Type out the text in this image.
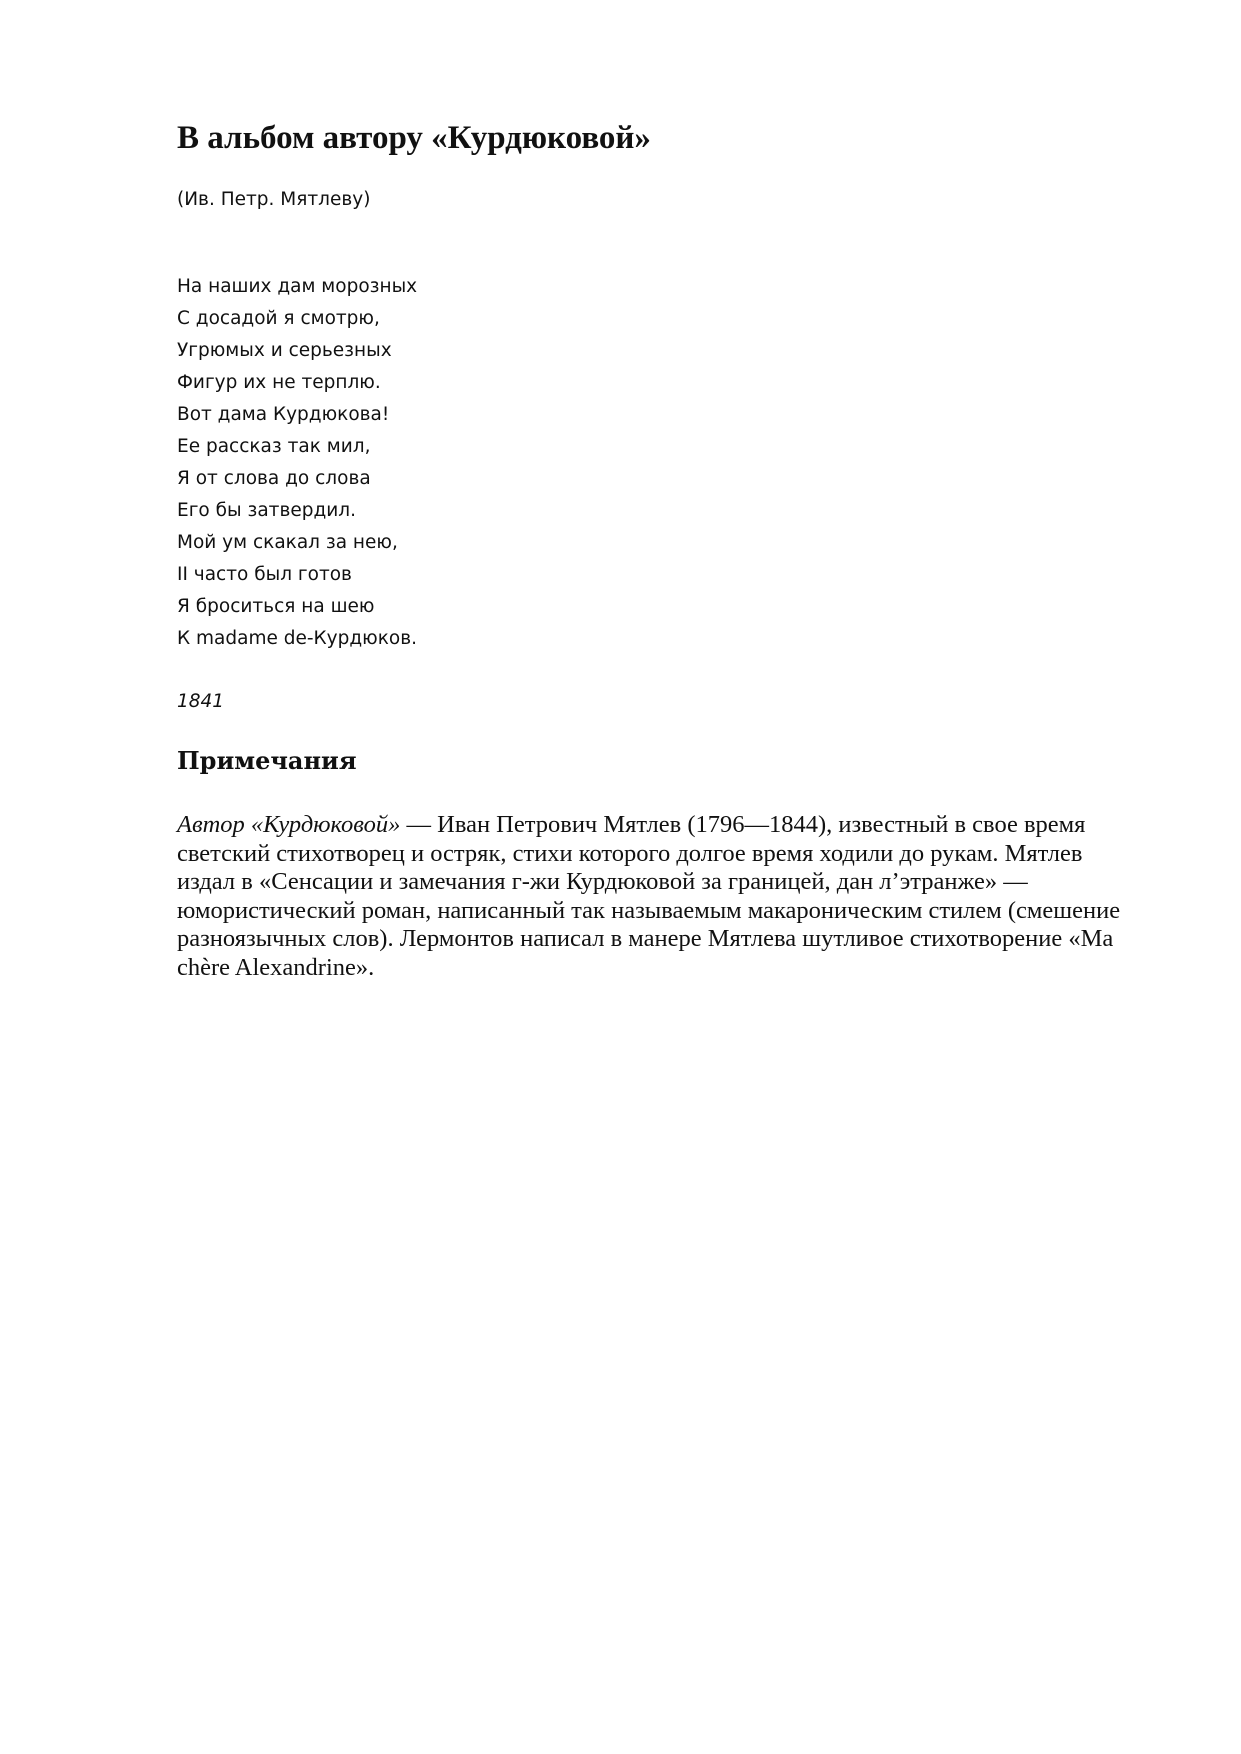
В альбом автору «Курдюковой»

(Ив. Петр. Мятлеву)

На наших дам морозных
С досадой я смотрю,
Угрюмых и серьезных
Фигур их не терплю.
Вот дама Курдюкова!
Ее рассказ так мил,
Я от слова до слова
Его бы затвердил.
Мой ум скакал за нею,
II часто был готов
Я броситься на шею
К madame de-Курдюков.

1841

Примечания

Автор «Курдюковой» — Иван Петрович Мятлев (1796—1844), известный в свое время светский стихотворец и остряк, стихи которого долгое время ходили до рукам. Мятлев издал в «Сенсации и замечания г-жи Курдюковой за границей, дан л’этранже» — юмористический роман, написанный так называемым макароническим стилем (смешение разноязычных слов). Лермонтов написал в манере Мятлева шутливое стихотворение «Ma chère Alexandrine».
